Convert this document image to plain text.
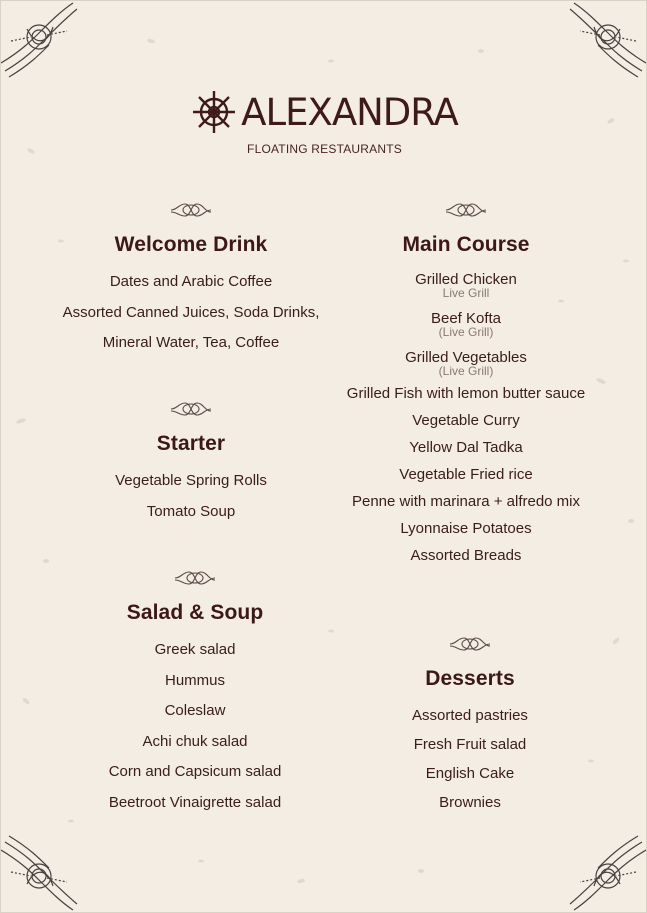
ALEXANDRA
FLOATING RESTAURANTS
Welcome Drink
Dates and Arabic Coffee
Assorted Canned Juices, Soda Drinks,
Mineral Water, Tea, Coffee
Starter
Vegetable Spring Rolls
Tomato Soup
Salad & Soup
Greek salad
Hummus
Coleslaw
Achi chuk salad
Corn and Capsicum salad
Beetroot Vinaigrette salad
Main Course
Grilled Chicken
Live Grill
Beef Kofta
(Live Grill)
Grilled Vegetables
(Live Grill)
Grilled Fish with lemon butter sauce
Vegetable Curry
Yellow Dal Tadka
Vegetable Fried rice
Penne with marinara + alfredo mix
Lyonnaise Potatoes
Assorted Breads
Desserts
Assorted pastries
Fresh Fruit salad
English Cake
Brownies
